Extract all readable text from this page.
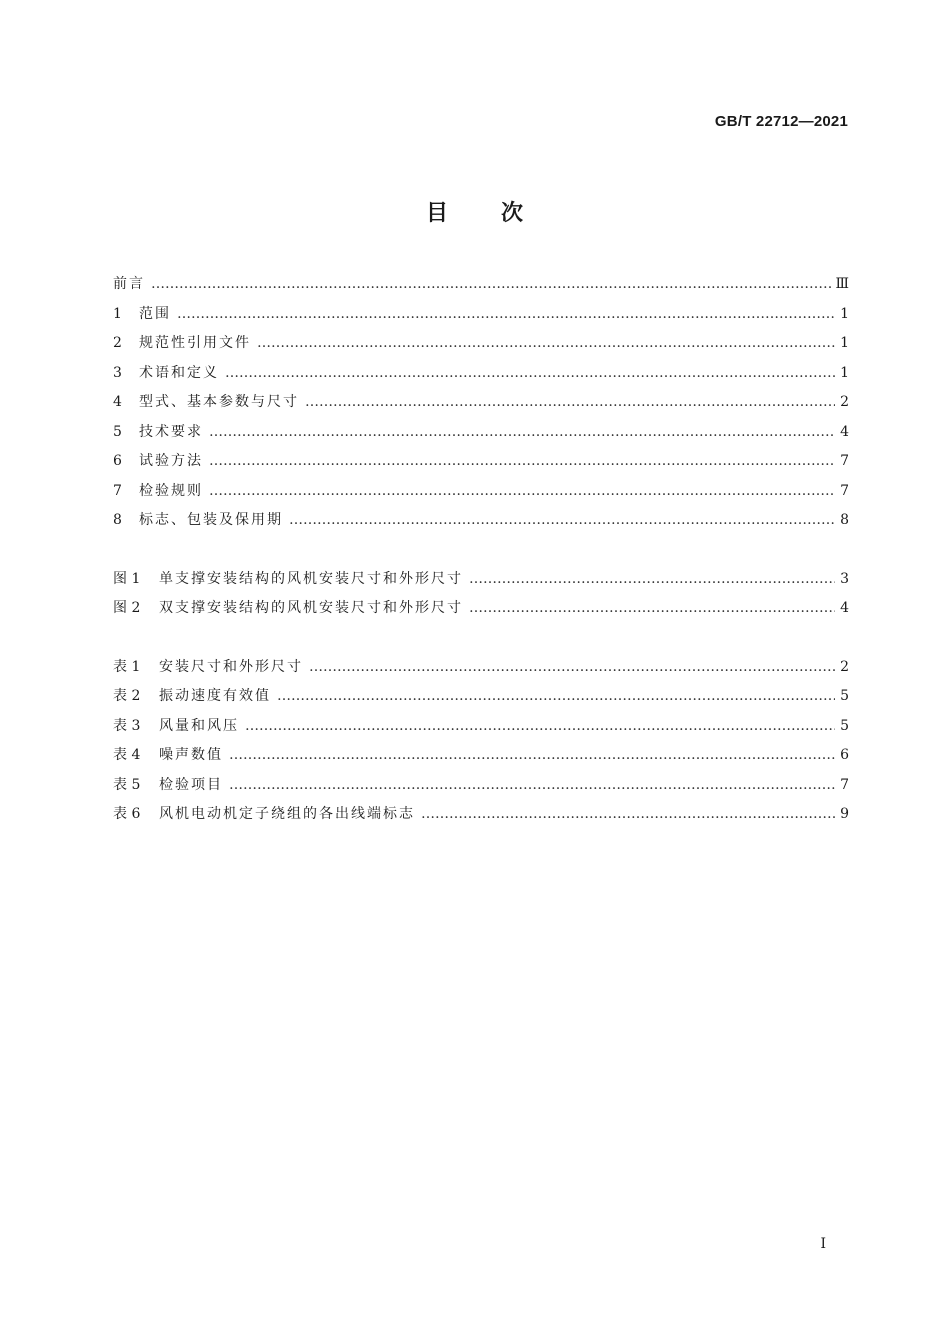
GB/T 22712—2021
目 次
前言 …………………………………………………………………………………………………………………………………………………………………………………………………………	Ⅲ
1	范围 …………………………………………………………………………………………………………………………………………………………………………………………………………	1
2	规范性引用文件 …………………………………………………………………………………………………………………………………………………………………………………………………………	1
3	术语和定义 …………………………………………………………………………………………………………………………………………………………………………………………………………	1
4	型式、基本参数与尺寸 …………………………………………………………………………………………………………………………………………………………………………………………………………	2
5	技术要求 …………………………………………………………………………………………………………………………………………………………………………………………………………	4
6	试验方法 …………………………………………………………………………………………………………………………………………………………………………………………………………	7
7	检验规则 …………………………………………………………………………………………………………………………………………………………………………………………………………	7
8	标志、包装及保用期 …………………………………………………………………………………………………………………………………………………………………………………………………………	8
图 1	单支撑安装结构的风机安装尺寸和外形尺寸 …………………………………………………………………………………………………………………………………………………………………………………………………………	3
图 2	双支撑安装结构的风机安装尺寸和外形尺寸 …………………………………………………………………………………………………………………………………………………………………………………………………………	4
表 1	安装尺寸和外形尺寸 …………………………………………………………………………………………………………………………………………………………………………………………………………	2
表 2	振动速度有效值 …………………………………………………………………………………………………………………………………………………………………………………………………………	5
表 3	风量和风压 …………………………………………………………………………………………………………………………………………………………………………………………………………	5
表 4	噪声数值 …………………………………………………………………………………………………………………………………………………………………………………………………………	6
表 5	检验项目 …………………………………………………………………………………………………………………………………………………………………………………………………………	7
表 6	风机电动机定子绕组的各出线端标志 …………………………………………………………………………………………………………………………………………………………………………………………………………	9
I
